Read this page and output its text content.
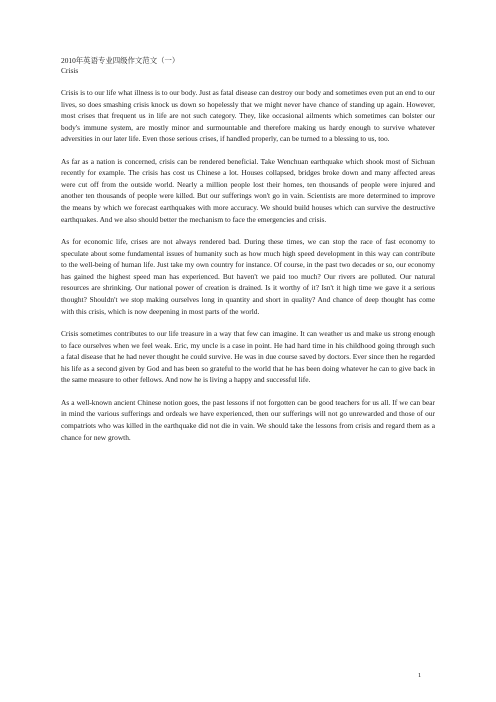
2010年英语专业四级作文范文（一）

Crisis

Crisis is to our life what illness is to our body. Just as fatal disease can destroy our body and sometimes even put an end to our lives, so does smashing crisis knock us down so hopelessly that we might never have chance of standing up again. However, most crises that frequent us in life are not such category. They, like occasional ailments which sometimes can bolster our body's immune system, are mostly minor and surmountable and therefore making us hardy enough to survive whatever adversities in our later life. Even those serious crises, if handled properly, can be turned to a blessing to us, too.

As far as a nation is concerned, crisis can be rendered beneficial. Take Wenchuan earthquake which shook most of Sichuan recently for example. The crisis has cost us Chinese a lot. Houses collapsed, bridges broke down and many affected areas were cut off from the outside world. Nearly a million people lost their homes, ten thousands of people were injured and another ten thousands of people were killed. But our sufferings won't go in vain. Scientists are more determined to improve the means by which we forecast earthquakes with more accuracy. We should build houses which can survive the destructive earthquakes. And we also should better the mechanism to face the emergencies and crisis.

As for economic life, crises are not always rendered bad. During these times, we can stop the race of fast economy to speculate about some fundamental issues of humanity such as how much high speed development in this way can contribute to the well-being of human life. Just take my own country for instance. Of course, in the past two decades or so, our economy has gained the highest speed man has experienced. But haven't we paid too much? Our rivers are polluted. Our natural resources are shrinking. Our national power of creation is drained. Is it worthy of it? Isn't it high time we gave it a serious thought? Shouldn't we stop making ourselves long in quantity and short in quality? And chance of deep thought has come with this crisis, which is now deepening in most parts of the world.

Crisis sometimes contributes to our life treasure in a way that few can imagine. It can weather us and make us strong enough to face ourselves when we feel weak. Eric, my uncle is a case in point. He had hard time in his childhood going through such a fatal disease that he had never thought he could survive. He was in due course saved by doctors. Ever since then he regarded his life as a second given by God and has been so grateful to the world that he has been doing whatever he can to give back in the same measure to other fellows. And now he is living a happy and successful life.

As a well-known ancient Chinese notion goes, the past lessons if not forgotten can be good teachers for us all. If we can bear in mind the various sufferings and ordeals we have experienced, then our sufferings will not go unrewarded and those of our compatriots who was killed in the earthquake did not die in vain. We should take the lessons from crisis and regard them as a chance for new growth.

1
